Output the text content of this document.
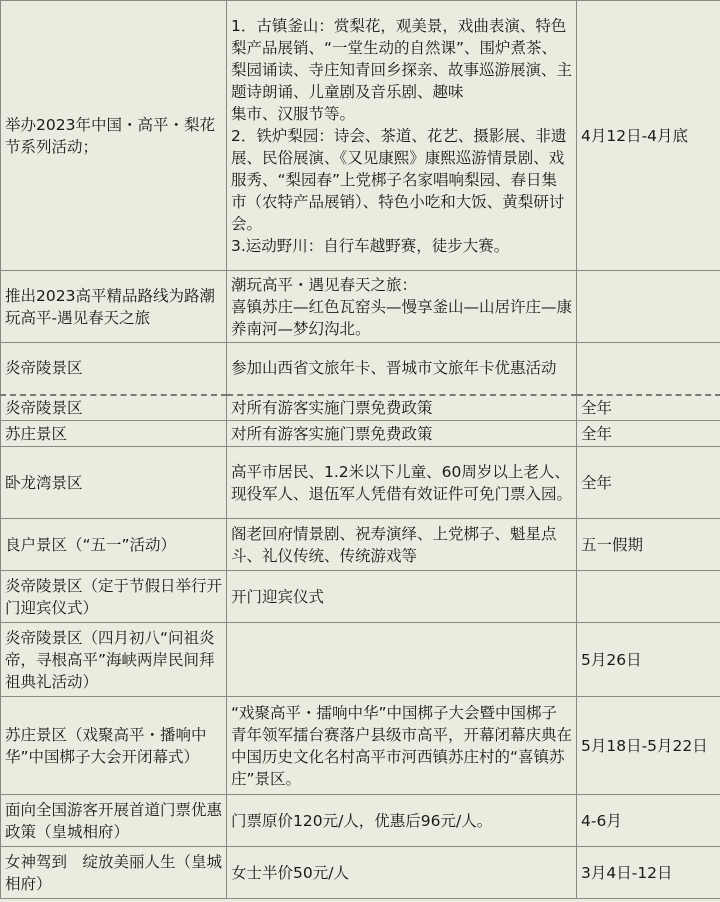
举办2023年中国・高平・梨花节系列活动；	1．古镇釜山：赏梨花，观美景，戏曲表演、特色梨产品展销、“一堂生动的自然课”、围炉煮茶、梨园诵读、寺庄知青回乡探亲、故事巡游展演、主题诗朗诵、儿童剧及音乐剧、趣味
集市、汉服节等。
2．铁炉梨园：诗会、茶道、花艺、摄影展、非遗展、民俗展演、《又见康熙》康熙巡游情景剧、戏服秀、“梨园春”上党梆子名家唱响梨园、春日集市（农特产品展销）、特色小吃和大饭、黄梨研讨会。
3.运动野川：自行车越野赛，徒步大赛。	4月12日-4月底
推出2023高平精品路线为路潮玩高平-遇见春天之旅	潮玩高平・遇见春天之旅：
喜镇苏庄—红色瓦窑头—慢享釜山—山居许庄—康养南河—梦幻沟北。	
炎帝陵景区	参加山西省文旅年卡、晋城市文旅年卡优惠活动	
炎帝陵景区	对所有游客实施门票免费政策	全年
苏庄景区	对所有游客实施门票免费政策	全年
卧龙湾景区	高平市居民、1.2米以下儿童、60周岁以上老人、现役军人、退伍军人凭借有效证件可免门票入园。	全年
良户景区（“五一”活动）	阁老回府情景剧、祝寿演绎、上党梆子、魁星点斗、礼仪传统、传统游戏等	五一假期
炎帝陵景区（定于节假日举行开门迎宾仪式）	开门迎宾仪式	
炎帝陵景区（四月初八“问祖炎帝，寻根高平”海峡两岸民间拜祖典礼活动）		5月26日
苏庄景区（戏聚高平・播响中华”中国梆子大会开闭幕式）	“戏聚高平・擂响中华”中国梆子大会暨中国梆子青年领军擂台赛落户县级市高平，开幕闭幕庆典在中国历史文化名村高平市河西镇苏庄村的“喜镇苏庄”景区。	5月18日-5月22日
面向全国游客开展首道门票优惠政策（皇城相府）	门票原价120元/人，优惠后96元/人。	4-6月
女神驾到　绽放美丽人生（皇城相府）	女士半价50元/人	3月4日-12日
